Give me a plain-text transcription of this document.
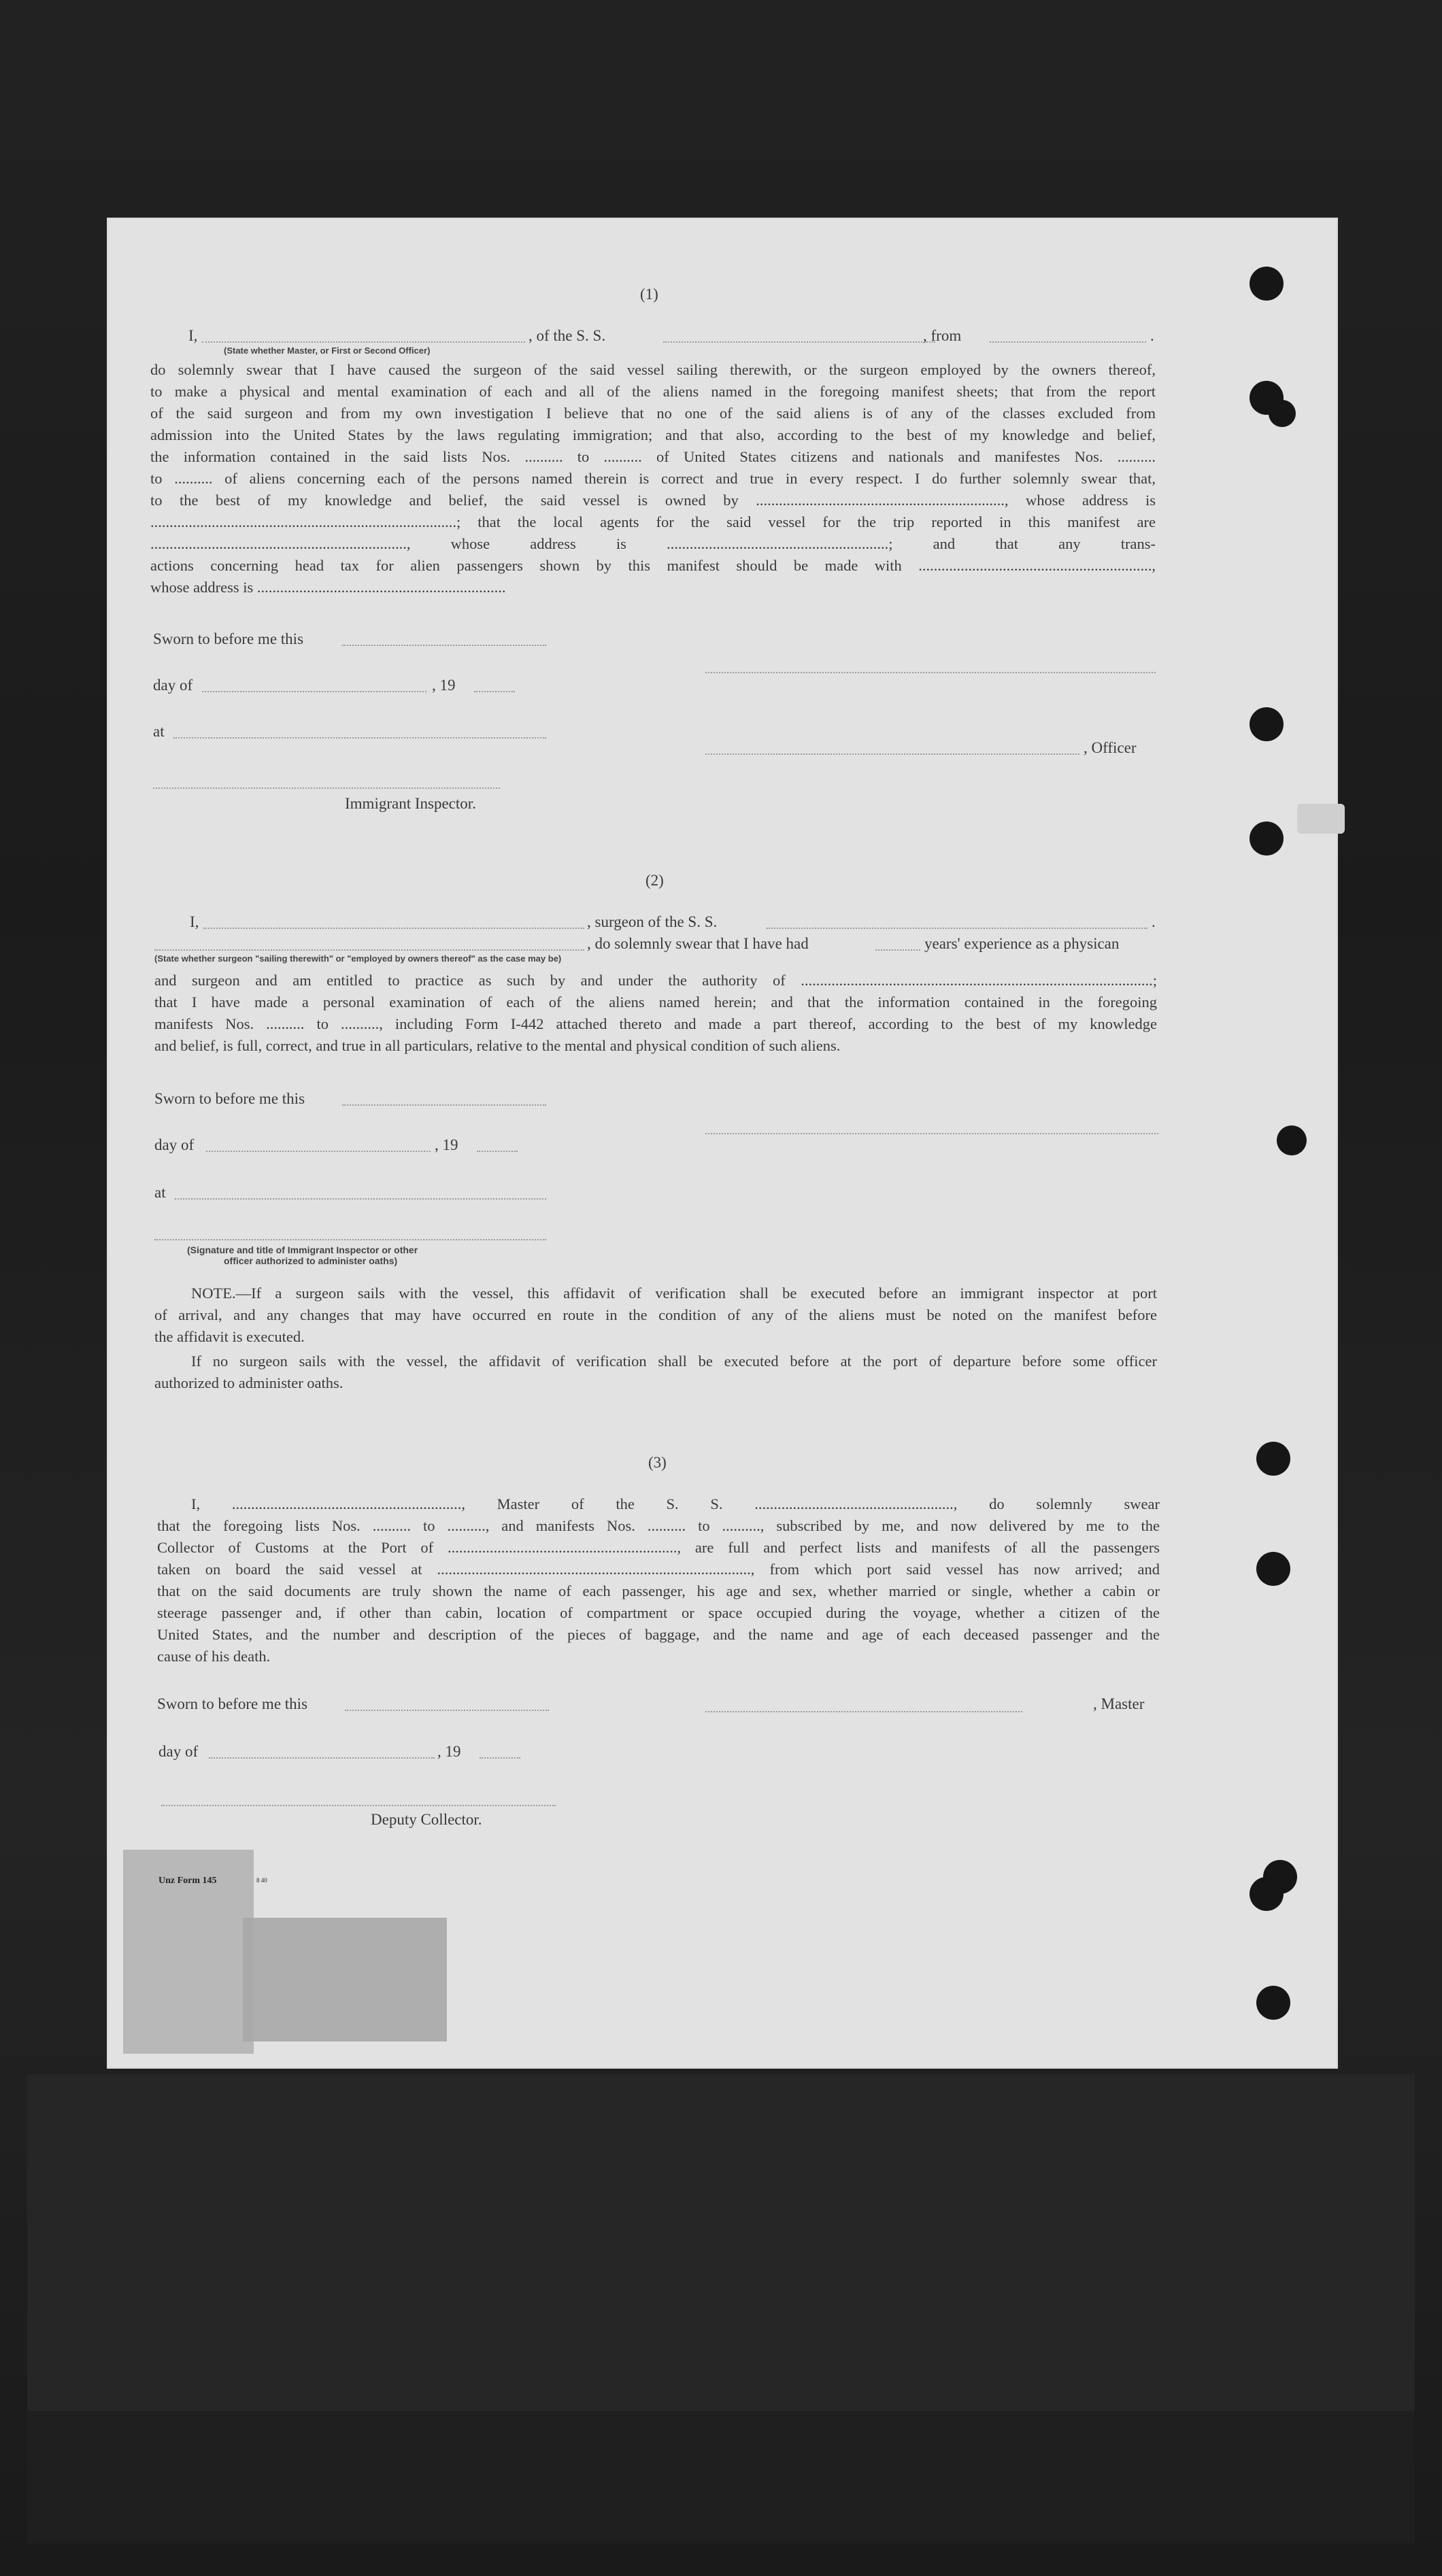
(1)
I,	, of the S. S.	, from	.
(State whether Master, or First or Second Officer)
do solemnly swear that I have caused the surgeon of the said vessel sailing therewith, or the surgeon employed by the owners thereof,
to make a physical and mental examination of each and all of the aliens named in the foregoing manifest sheets; that from the report
of the said surgeon and from my own investigation I believe that no one of the said aliens is of any of the classes excluded from
admission into the United States by the laws regulating immigration; and that also, according to the best of my knowledge and belief,
the information contained in the said lists Nos. .......... to .......... of United States citizens and nationals and manifestes Nos. ..........
to .......... of aliens concerning each of the persons named therein is correct and true in every respect. I do further solemnly swear that,
to the best of my knowledge and belief, the said vessel is owned by ................................................................., whose address is
................................................................................; that the local agents for the said vessel for the trip reported in this manifest are
..................................................................., whose address is ..........................................................; and that any trans-
actions concerning head tax for alien passengers shown by this manifest should be made with .............................................................,
whose address is .................................................................
Sworn to before me this
day of	, 19
at
, Officer
Immigrant Inspector.
(2)
I,	, surgeon of the S. S.	.
, do solemnly swear that I have had	years' experience as a physican
(State whether surgeon "sailing therewith" or "employed by owners thereof" as the case may be)
and surgeon and am entitled to practice as such by and under the authority of ............................................................................................;
that I have made a personal examination of each of the aliens named herein; and that the information contained in the foregoing
manifests Nos. .......... to .........., including Form I-442 attached thereto and made a part thereof, according to the best of my knowledge
and belief, is full, correct, and true in all particulars, relative to the mental and physical condition of such aliens.
Sworn to before me this
day of	, 19
at
(Signature and title of Immigrant Inspector or other
officer authorized to administer oaths)
NOTE.—If a surgeon sails with the vessel, this affidavit of verification shall be executed before an immigrant inspector at port
of arrival, and any changes that may have occurred en route in the condition of any of the aliens must be noted on the manifest before
the affidavit is executed.
If no surgeon sails with the vessel, the affidavit of verification shall be executed before at the port of departure before some officer
authorized to administer oaths.
(3)
I, ............................................................, Master of the S. S. ...................................................., do solemnly swear
that the foregoing lists Nos. .......... to .........., and manifests Nos. .......... to .........., subscribed by me, and now delivered by me to the
Collector of Customs at the Port of ............................................................, are full and perfect lists and manifests of all the passengers
taken on board the said vessel at .................................................................................., from which port said vessel has now arrived; and
that on the said documents are truly shown the name of each passenger, his age and sex, whether married or single, whether a cabin or
steerage passenger and, if other than cabin, location of compartment or space occupied during the voyage, whether a citizen of the
United States, and the number and description of the pieces of baggage, and the name and age of each deceased passenger and the
cause of his death.
Sworn to before me this	, Master
day of	, 19
Deputy Collector.
Unz Form 145	8 40
